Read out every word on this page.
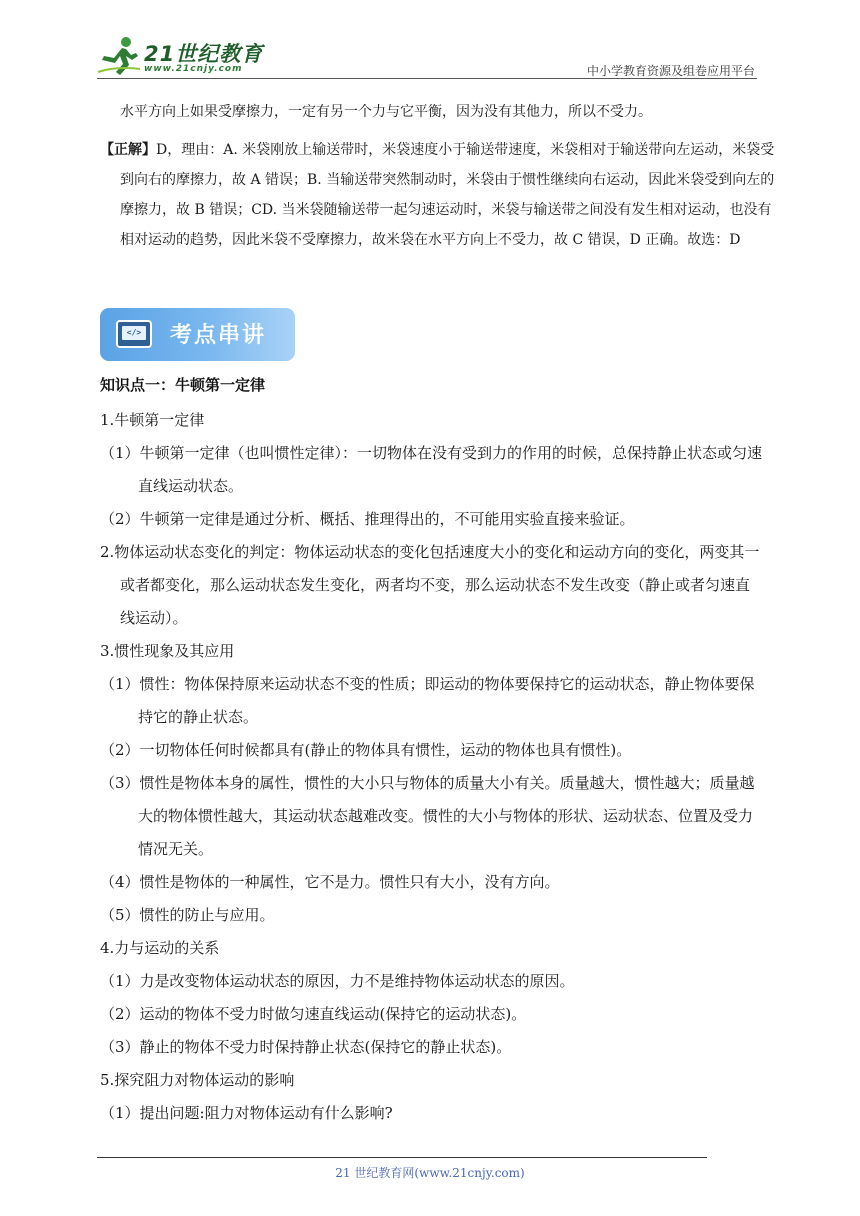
21世纪教育
www.21cnjy.com	中小学教育资源及组卷应用平台

水平方向上如果受摩擦力，一定有另一个力与它平衡，因为没有其他力，所以不受力。

【正解】D，理由：A. 米袋刚放上输送带时，米袋速度小于输送带速度，米袋相对于输送带向左运动，米袋受到向右的摩擦力，故 A 错误；B. 当输送带突然制动时，米袋由于惯性继续向右运动，因此米袋受到向左的摩擦力，故 B 错误；CD. 当米袋随输送带一起匀速运动时，米袋与输送带之间没有发生相对运动，也没有相对运动的趋势，因此米袋不受摩擦力，故米袋在水平方向上不受力，故 C 错误，D 正确。故选：D

</> 考点串讲
知识点一：牛顿第一定律

1.牛顿第一定律

（1）牛顿第一定律（也叫惯性定律）：一切物体在没有受到力的作用的时候，总保持静止状态或匀速直线运动状态。

（2）牛顿第一定律是通过分析、概括、推理得出的，不可能用实验直接来验证。

2.物体运动状态变化的判定：物体运动状态的变化包括速度大小的变化和运动方向的变化，两变其一或者都变化，那么运动状态发生变化，两者均不变，那么运动状态不发生改变（静止或者匀速直线运动）。

3.惯性现象及其应用

（1）惯性：物体保持原来运动状态不变的性质；即运动的物体要保持它的运动状态，静止物体要保持它的静止状态。

（2）一切物体任何时候都具有(静止的物体具有惯性，运动的物体也具有惯性)。

（3）惯性是物体本身的属性，惯性的大小只与物体的质量大小有关。质量越大，惯性越大；质量越大的物体惯性越大，其运动状态越难改变。惯性的大小与物体的形状、运动状态、位置及受力情况无关。

（4）惯性是物体的一种属性，它不是力。惯性只有大小，没有方向。

（5）惯性的防止与应用。

4.力与运动的关系

（1）力是改变物体运动状态的原因，力不是维持物体运动状态的原因。

（2）运动的物体不受力时做匀速直线运动(保持它的运动状态)。

（3）静止的物体不受力时保持静止状态(保持它的静止状态)。

5.探究阻力对物体运动的影响

（1）提出问题:阻力对物体运动有什么影响?

21 世纪教育网(www.21cnjy.com)
